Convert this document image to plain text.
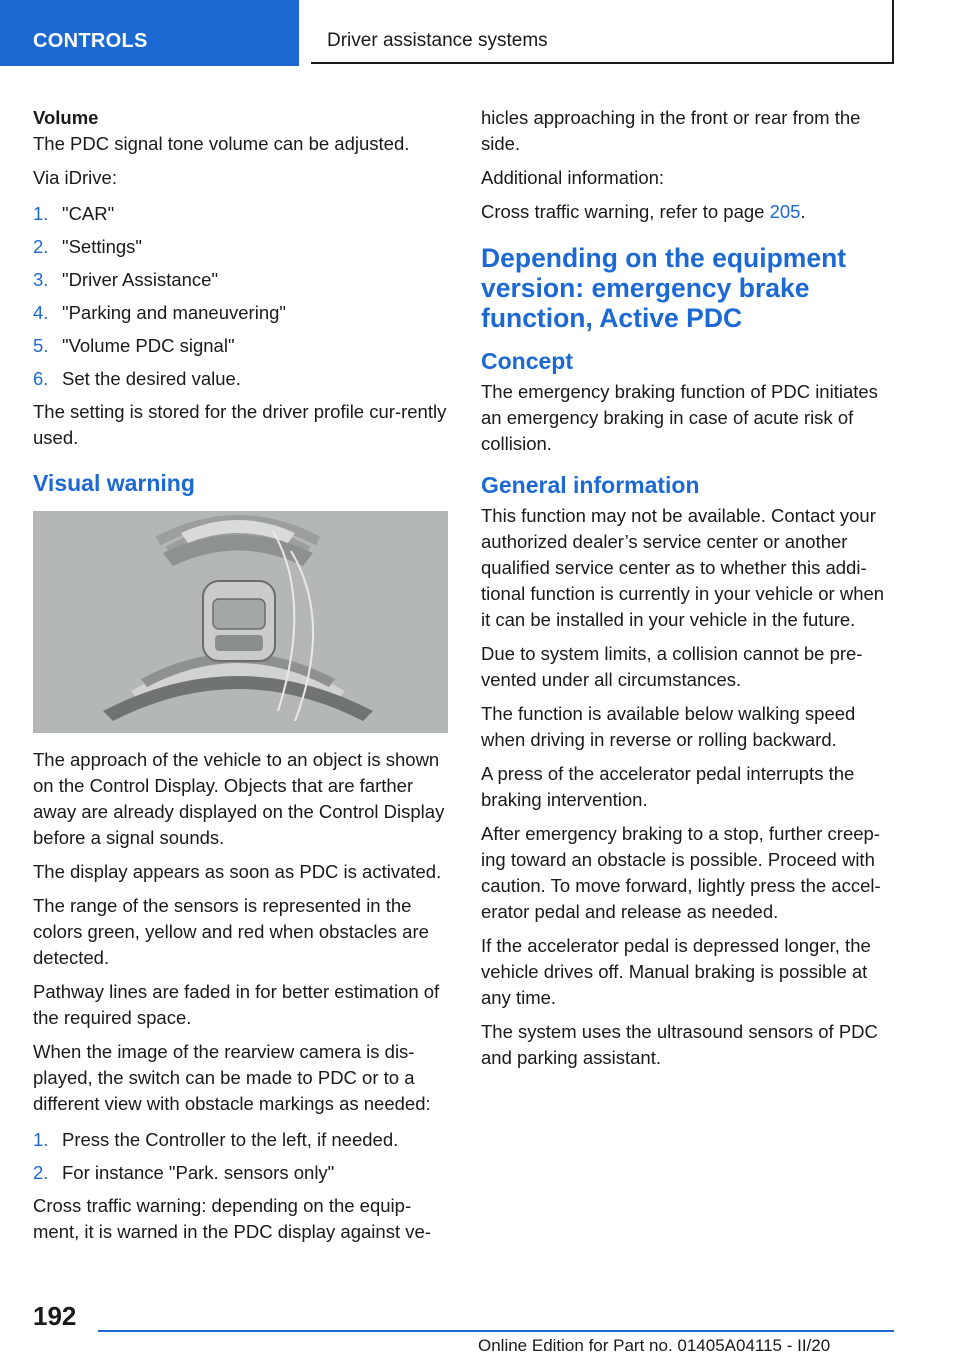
CONTROLS	Driver assistance systems

Volume

The PDC signal tone volume can be adjusted.

Via iDrive:

1. "CAR"
2. "Settings"
3. "Driver Assistance"
4. "Parking and maneuvering"
5. "Volume PDC signal"
6. Set the desired value.

The setting is stored for the driver profile cur-rently used.

Visual warning

The approach of the vehicle to an object is shown on the Control Display. Objects that are farther away are already displayed on the Control Display before a signal sounds.

The display appears as soon as PDC is activated.

The range of the sensors is represented in the colors green, yellow and red when obstacles are detected.

Pathway lines are faded in for better estimation of the required space.

When the image of the rearview camera is dis-played, the switch can be made to PDC or to a different view with obstacle markings as needed:

1. Press the Controller to the left, if needed.
2. For instance "Park. sensors only"

Cross traffic warning: depending on the equip-ment, it is warned in the PDC display against ve-

hicles approaching in the front or rear from the side.

Additional information:

Cross traffic warning, refer to page 205.

Depending on the equipment version: emergency brake function, Active PDC
Concept

The emergency braking function of PDC initiates an emergency braking in case of acute risk of collision.

General information

This function may not be available. Contact your authorized dealer’s service center or another qualified service center as to whether this addi-tional function is currently in your vehicle or when it can be installed in your vehicle in the future.

Due to system limits, a collision cannot be pre-vented under all circumstances.

The function is available below walking speed when driving in reverse or rolling backward.

A press of the accelerator pedal interrupts the braking intervention.

After emergency braking to a stop, further creep-ing toward an obstacle is possible. Proceed with caution. To move forward, lightly press the accel-erator pedal and release as needed.

If the accelerator pedal is depressed longer, the vehicle drives off. Manual braking is possible at any time.

The system uses the ultrasound sensors of PDC and parking assistant.

192
Online Edition for Part no. 01405A04115 - II/20
